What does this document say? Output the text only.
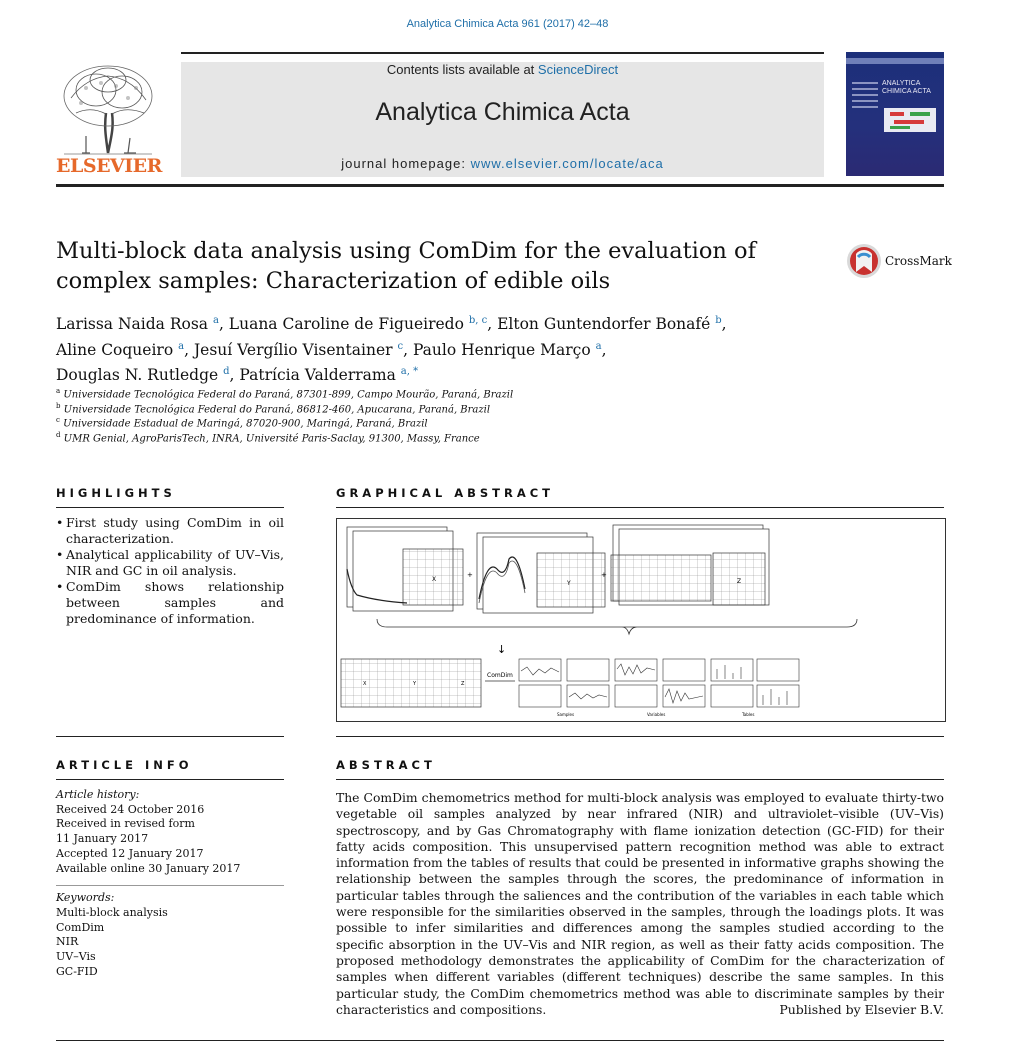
Analytica Chimica Acta 961 (2017) 42–48
ELSEVIER
Contents lists available at ScienceDirect
Analytica Chimica Acta
journal homepage: www.elsevier.com/locate/aca
ANALYTICA CHIMICA ACTA
Multi-block data analysis using ComDim for the evaluation of complex samples: Characterization of edible oils
CrossMark
Larissa Naida Rosa $^a$, Luana Caroline de Figueiredo $^{b, c}$, Elton Guntendorfer Bonafé $^b$,
Aline Coqueiro $^a$, Jesuí Vergílio Visentainer $^c$, Paulo Henrique Março $^a$,
Douglas N. Rutledge $^d$, Patrícia Valderrama $^{a, *}$
$^a$ Universidade Tecnológica Federal do Paraná, 87301-899, Campo Mourão, Paraná, Brazil
$^b$ Universidade Tecnológica Federal do Paraná, 86812-460, Apucarana, Paraná, Brazil
$^c$ Universidade Estadual de Maringá, 87020-900, Maringá, Paraná, Brazil
$^d$ UMR Genial, AgroParisTech, INRA, Université Paris-Saclay, 91300, Massy, France
HIGHLIGHTS
• First study using ComDim in oil characterization.
• Analytical applicability of UV–Vis, NIR and GC in oil analysis.
• ComDim shows relationship between samples and predominance of information.
GRAPHICAL ABSTRACT
X
+
Y
+
Z
↓
X	Y	Z
ComDim
Samples	Variables	Tables
ARTICLE INFO
Article history:
Received 24 October 2016
Received in revised form
11 January 2017
Accepted 12 January 2017
Available online 30 January 2017
Keywords:
Multi-block analysis
ComDim
NIR
UV–Vis
GC-FID
ABSTRACT
The ComDim chemometrics method for multi-block analysis was employed to evaluate thirty-two vegetable oil samples analyzed by near infrared (NIR) and ultraviolet–visible (UV–Vis) spectroscopy, and by Gas Chromatography with flame ionization detection (GC-FID) for their fatty acids composition. This unsupervised pattern recognition method was able to extract information from the tables of results that could be presented in informative graphs showing the relationship between the samples through the scores, the predominance of information in particular tables through the saliences and the contribution of the variables in each table which were responsible for the similarities observed in the samples, through the loadings plots. It was possible to infer similarities and differences among the samples studied according to the specific absorption in the UV–Vis and NIR region, as well as their fatty acids composition. The proposed methodology demonstrates the applicability of ComDim for the characterization of samples when different variables (different techniques) describe the same samples. In this particular study, the ComDim chemometrics method was able to discriminate samples by their characteristics and compositions.	Published by Elsevier B.V.
